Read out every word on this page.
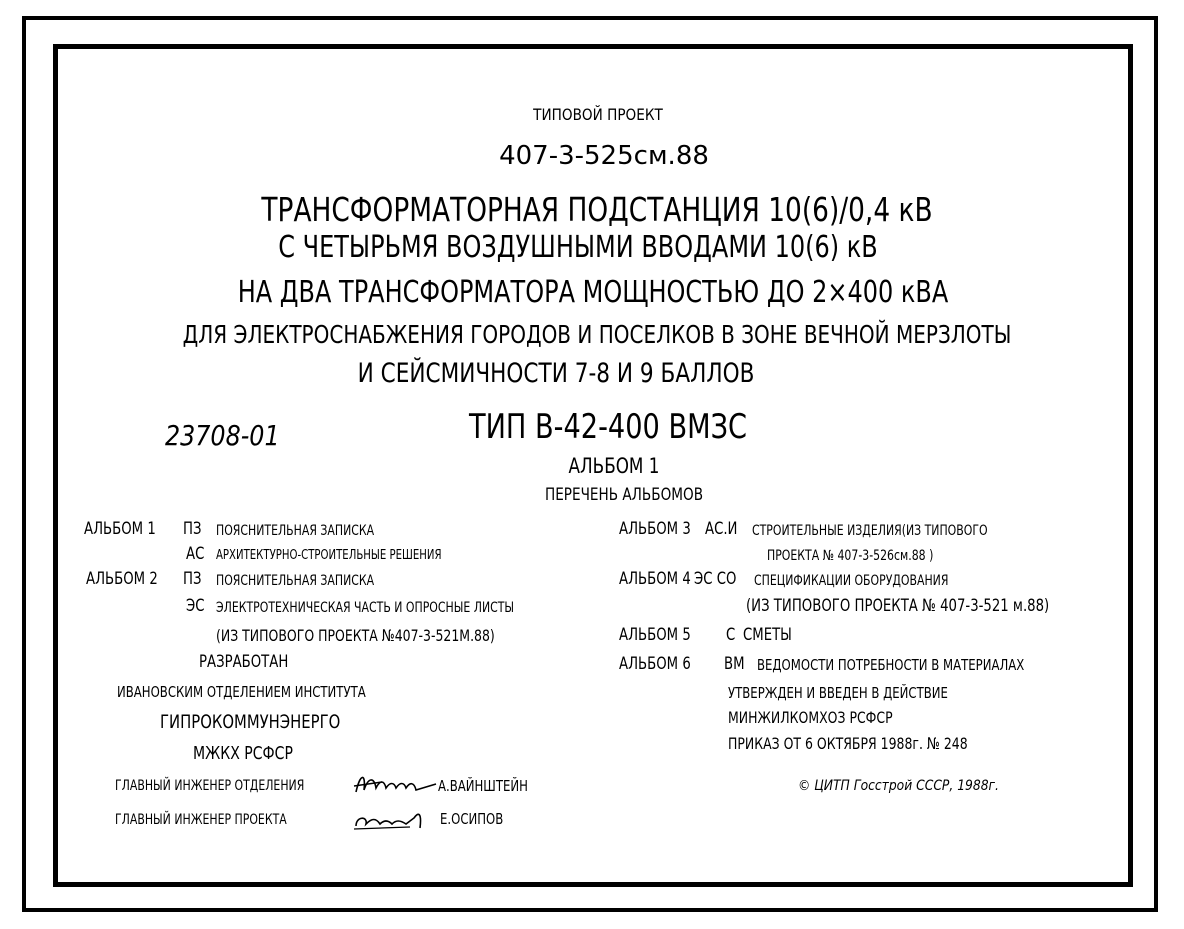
ТИПОВОЙ ПРОЕКТ
407-3-525см.88
ТРАНСФОРМАТОРНАЯ ПОДСТАНЦИЯ 10(6)/0,4 кВ
С ЧЕТЫРЬМЯ ВОЗДУШНЫМИ ВВОДАМИ 10(6) кВ
НА ДВА ТРАНСФОРМАТОРА МОЩНОСТЬЮ ДО 2×400 кВА
ДЛЯ ЭЛЕКТРОСНАБЖЕНИЯ ГОРОДОВ И ПОСЕЛКОВ В ЗОНЕ ВЕЧНОЙ МЕРЗЛОТЫ
И СЕЙСМИЧНОСТИ 7-8 И 9 БАЛЛОВ
23708-01	ТИП В-42-400 ВМЗС
АЛЬБОМ 1
ПЕРЕЧЕНЬ АЛЬБОМОВ
АЛЬБОМ 1 ПЗ ПОЯСНИТЕЛЬНАЯ ЗАПИСКА
АС АРХИТЕКТУРНО-СТРОИТЕЛЬНЫЕ РЕШЕНИЯ
АЛЬБОМ 2 ПЗ ПОЯСНИТЕЛЬНАЯ ЗАПИСКА
ЭС ЭЛЕКТРОТЕХНИЧЕСКАЯ ЧАСТЬ И ОПРОСНЫЕ ЛИСТЫ
(ИЗ ТИПОВОГО ПРОЕКТА №407-3-521М.88)
РАЗРАБОТАН
ИВАНОВСКИМ ОТДЕЛЕНИЕМ ИНСТИТУТА
ГИПРОКОММУНЭНЕРГО
МЖКХ РСФСР
ГЛАВНЫЙ ИНЖЕНЕР ОТДЕЛЕНИЯ	А.ВАЙНШТЕЙН
ГЛАВНЫЙ ИНЖЕНЕР ПРОЕКТА	Е.ОСИПОВ
АЛЬБОМ 3 АС.И СТРОИТЕЛЬНЫЕ ИЗДЕЛИЯ(ИЗ ТИПОВОГО
ПРОЕКТА № 407-3-526см.88 )
АЛЬБОМ 4 ЭС СО СПЕЦИФИКАЦИИ ОБОРУДОВАНИЯ
(ИЗ ТИПОВОГО ПРОЕКТА № 407-3-521 м.88)
АЛЬБОМ 5 С СМЕТЫ
АЛЬБОМ 6 ВМ ВЕДОМОСТИ ПОТРЕБНОСТИ В МАТЕРИАЛАХ
УТВЕРЖДЕН И ВВЕДЕН В ДЕЙСТВИЕ
МИНЖИЛКОМХОЗ РСФСР
ПРИКАЗ ОТ 6 ОКТЯБРЯ 1988г. № 248
© ЦИТП Госстрой СССР, 1988г.
